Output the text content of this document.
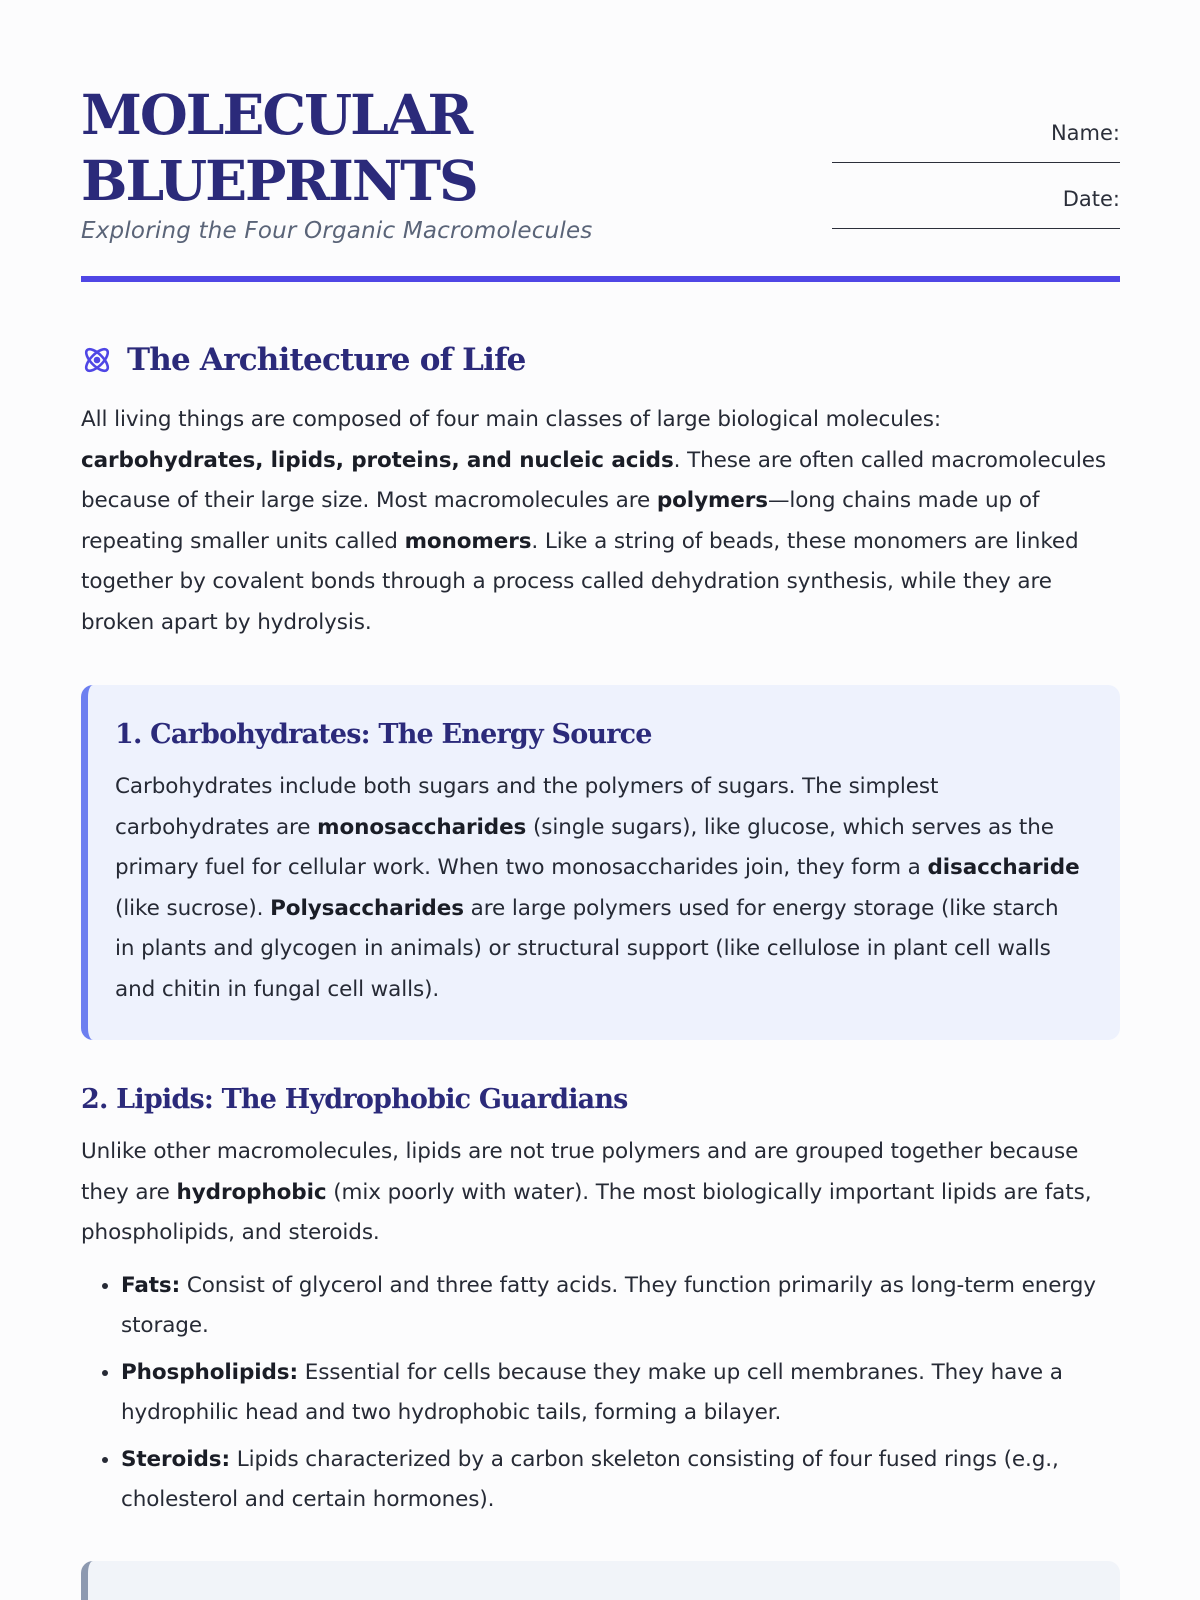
MOLECULAR
BLUEPRINTS
Exploring the Four Organic Macromolecules
Name:
Date:
The Architecture of Life

All living things are composed of four main classes of large biological molecules: carbohydrates, lipids, proteins, and nucleic acids. These are often called macromolecules because of their large size. Most macromolecules are polymers—long chains made up of repeating smaller units called monomers. Like a string of beads, these monomers are linked together by covalent bonds through a process called dehydration synthesis, while they are broken apart by hydrolysis.

1. Carbohydrates: The Energy Source

Carbohydrates include both sugars and the polymers of sugars. The simplest carbohydrates are monosaccharides (single sugars), like glucose, which serves as the primary fuel for cellular work. When two monosaccharides join, they form a disaccharide (like sucrose). Polysaccharides are large polymers used for energy storage (like starch in plants and glycogen in animals) or structural support (like cellulose in plant cell walls and chitin in fungal cell walls).

2. Lipids: The Hydrophobic Guardians

Unlike other macromolecules, lipids are not true polymers and are grouped together because they are hydrophobic (mix poorly with water). The most biologically important lipids are fats, phospholipids, and steroids.

• Fats: Consist of glycerol and three fatty acids. They function primarily as long-term energy storage.
• Phospholipids: Essential for cells because they make up cell membranes. They have a hydrophilic head and two hydrophobic tails, forming a bilayer.
• Steroids: Lipids characterized by a carbon skeleton consisting of four fused rings (e.g., cholesterol and certain hormones).
